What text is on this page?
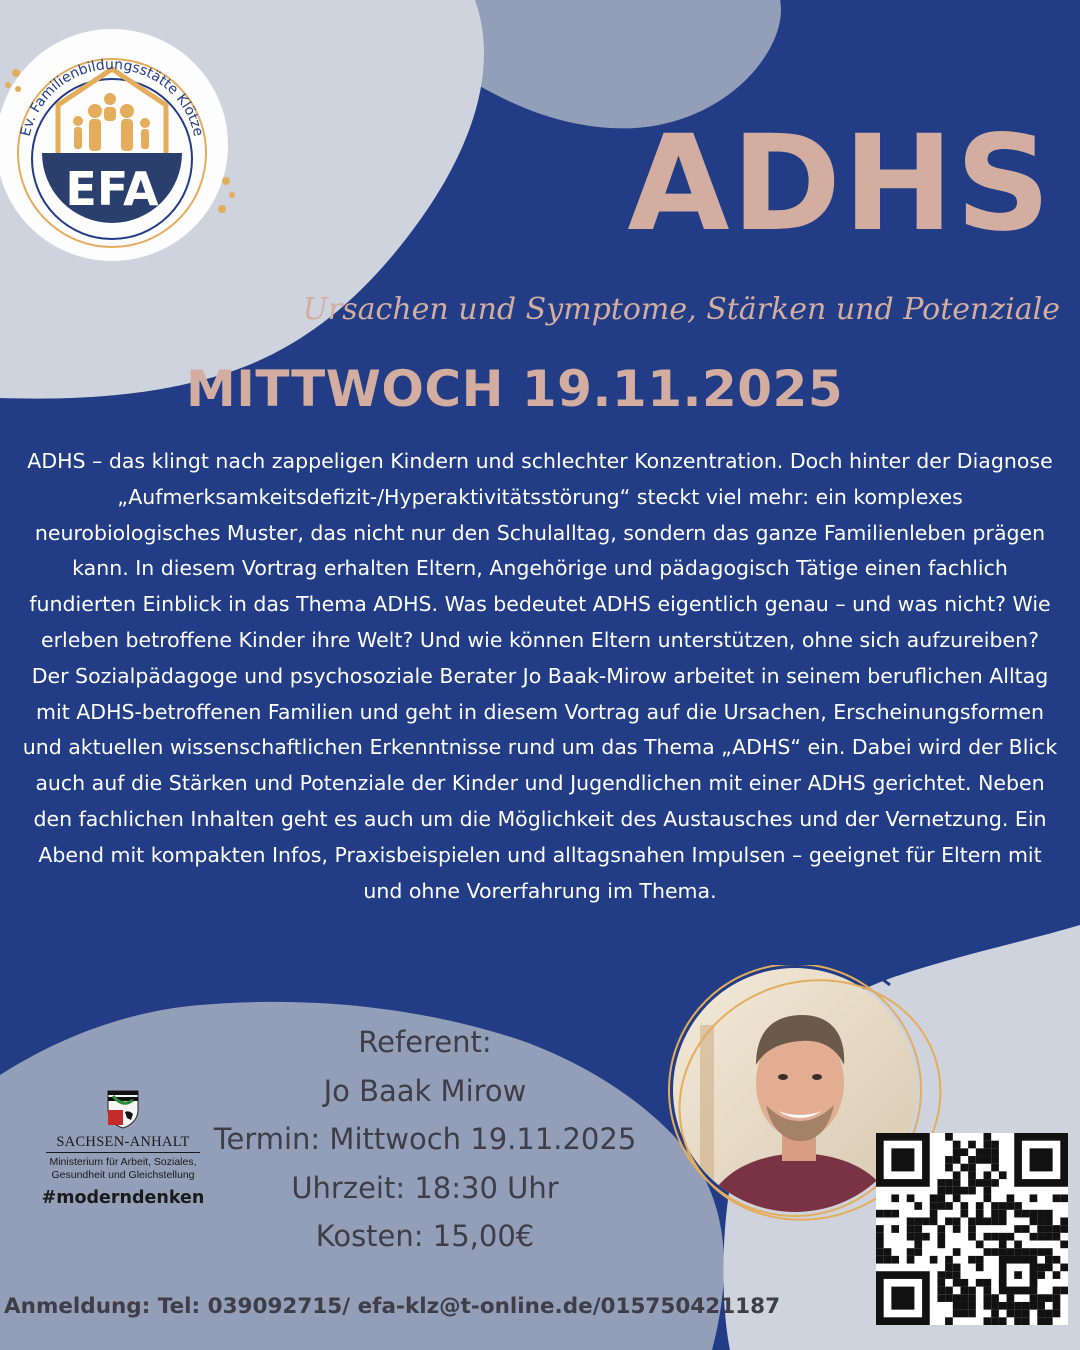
EFA
Ev. Familienbildungsstätte Klötze	ADHS
Ursachen und Symptome, Stärken und Potenziale
MITTWOCH 19.11.2025

ADHS – das klingt nach zappeligen Kindern und schlechter Konzentration. Doch hinter der Diagnose „Aufmerksamkeitsdefizit-/Hyperaktivitätsstörung“ steckt viel mehr: ein komplexes neurobiologisches Muster, das nicht nur den Schulalltag, sondern das ganze Familienleben prägen kann. In diesem Vortrag erhalten Eltern, Angehörige und pädagogisch Tätige einen fachlich fundierten Einblick in das Thema ADHS. Was bedeutet ADHS eigentlich genau – und was nicht? Wie erleben betroffene Kinder ihre Welt? Und wie können Eltern unterstützen, ohne sich aufzureiben?

Der Sozialpädagoge und psychosoziale Berater Jo Baak-Mirow arbeitet in seinem beruflichen Alltag mit ADHS-betroffenen Familien und geht in diesem Vortrag auf die Ursachen, Erscheinungsformen und aktuellen wissenschaftlichen Erkenntnisse rund um das Thema „ADHS“ ein. Dabei wird der Blick auch auf die Stärken und Potenziale der Kinder und Jugendlichen mit einer ADHS gerichtet. Neben den fachlichen Inhalten geht es auch um die Möglichkeit des Austausches und der Vernetzung. Ein Abend mit kompakten Infos, Praxisbeispielen und alltagsnahen Impulsen – geeignet für Eltern mit und ohne Vorerfahrung im Thema.

Referent:
Jo Baak Mirow
Termin: Mittwoch 19.11.2025
Uhrzeit: 18:30 Uhr
Kosten: 15,00€
SACHSEN-ANHALT
Ministerium für Arbeit, Soziales, Gesundheit und Gleichstellung
#moderndenken
Anmeldung: Tel: 039092715/ efa-klz@t-online.de/015750421187
